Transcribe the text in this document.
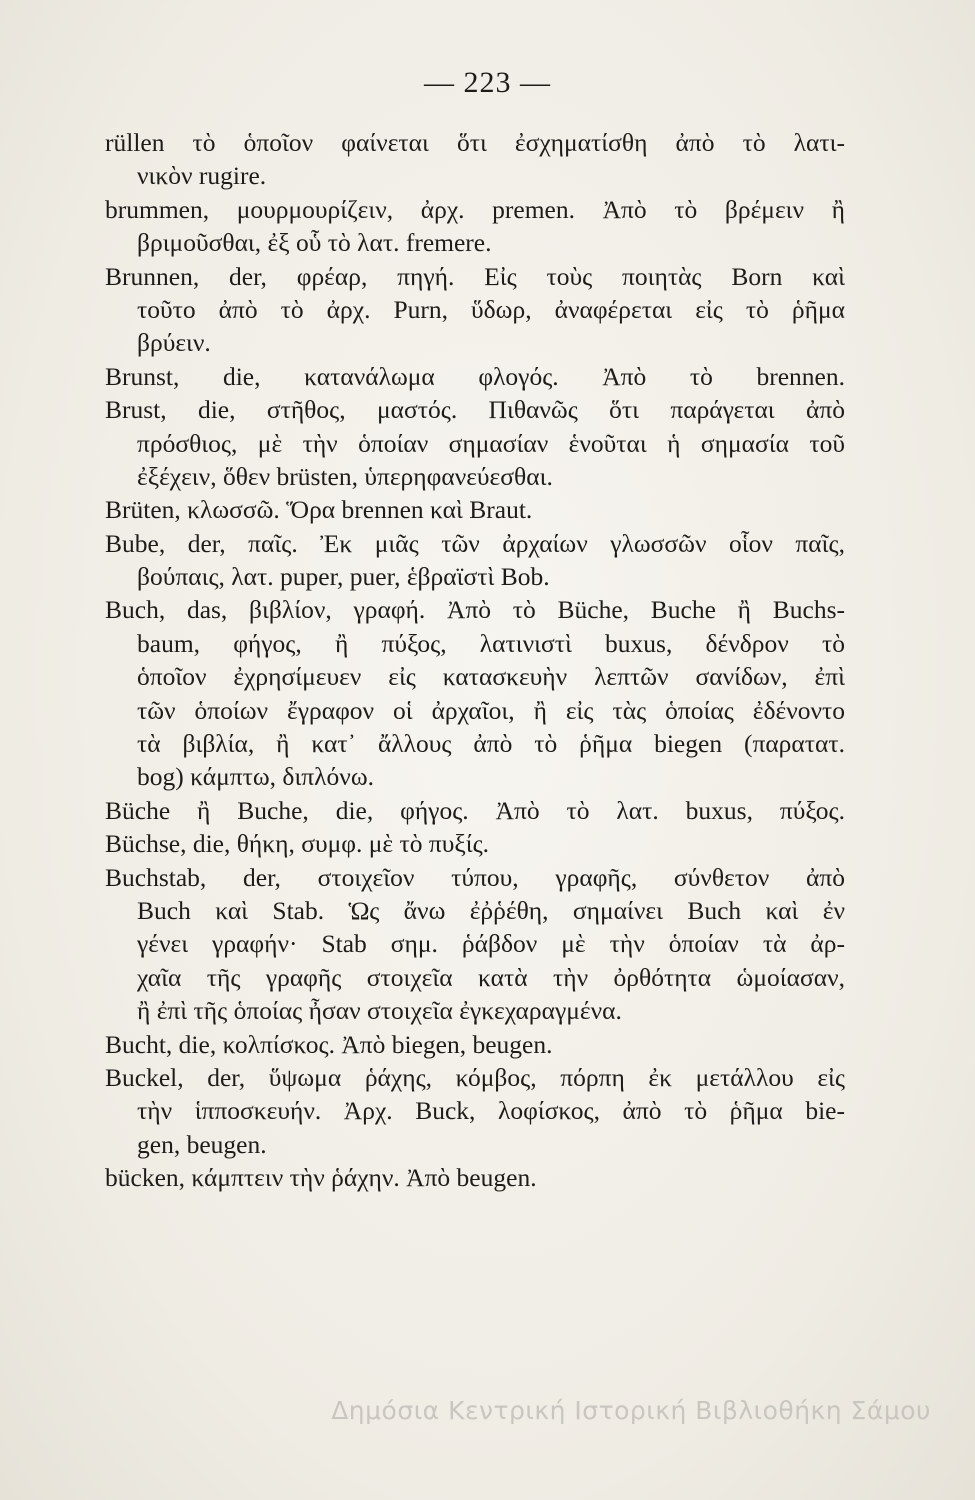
— 223 —
rüllen τὸ ὁποῖον φαίνεται ὅτι ἐσχηματίσθη ἀπὸ τὸ λατι-
νικὸν rugire.
brummen, μουρμουρίζειν, ἀρχ. premen. Ἀπὸ τὸ βρέμειν ἢ
βριμοῦσθαι, ἐξ οὗ τὸ λατ. fremere.
Brunnen, der, φρέαρ, πηγή. Εἰς τοὺς ποιητὰς Born καὶ
τοῦτο ἀπὸ τὸ ἀρχ. Purn, ὕδωρ, ἀναφέρεται εἰς τὸ ῥῆμα
βρύειν.
Brunst, die, κατανάλωμα φλογός. Ἀπὸ τὸ brennen.
Brust, die, στῆθος, μαστός. Πιθανῶς ὅτι παράγεται ἀπὸ
πρόσθιος, μὲ τὴν ὁποίαν σημασίαν ἑνοῦται ἡ σημασία τοῦ
ἐξέχειν, ὅθεν brüsten, ὑπερηφανεύεσθαι.
Brüten, κλωσσῶ. Ὅρα brennen καὶ Braut.
Bube, der, παῖς. Ἐκ μιᾶς τῶν ἀρχαίων γλωσσῶν οἷον παῖς,
βούπαις, λατ. puper, puer, ἑβραϊστὶ Bob.
Buch, das, βιβλίον, γραφή. Ἀπὸ τὸ Büche, Buche ἢ Buchs-
baum, φήγος, ἢ πύξος, λατινιστὶ buxus, δένδρον τὸ
ὁποῖον ἐχρησίμευεν εἰς κατασκευὴν λεπτῶν σανίδων, ἐπὶ
τῶν ὁποίων ἔγραφον οἱ ἀρχαῖοι, ἢ εἰς τὰς ὁποίας ἐδένοντο
τὰ βιβλία, ἢ κατ᾽ ἄλλους ἀπὸ τὸ ῥῆμα biegen (παρατατ.
bog) κάμπτω, διπλόνω.
Büche ἢ Buche, die, φήγος. Ἀπὸ τὸ λατ. buxus, πύξος.
Büchse, die, θήκη, συμφ. μὲ τὸ πυξίς.
Buchstab, der, στοιχεῖον τύπου, γραφῆς, σύνθετον ἀπὸ
Buch καὶ Stab. Ὡς ἄνω ἐῤῥέθη, σημαίνει Buch καὶ ἐν
γένει γραφήν· Stab σημ. ῥάβδον μὲ τὴν ὁποίαν τὰ ἀρ-
χαῖα τῆς γραφῆς στοιχεῖα κατὰ τὴν ὀρθότητα ὡμοίασαν,
ἢ ἐπὶ τῆς ὁποίας ἦσαν στοιχεῖα ἐγκεχαραγμένα.
Bucht, die, κολπίσκος. Ἀπὸ biegen, beugen.
Buckel, der, ὕψωμα ῥάχης, κόμβος, πόρπη ἐκ μετάλλου εἰς
τὴν ἱπποσκευήν. Ἀρχ. Buck, λοφίσκος, ἀπὸ τὸ ῥῆμα bie-
gen, beugen.
bücken, κάμπτειν τὴν ῥάχην. Ἀπὸ beugen.
Δημόσια Κεντρική Ιστορική Βιβλιοθήκη Σάμου
